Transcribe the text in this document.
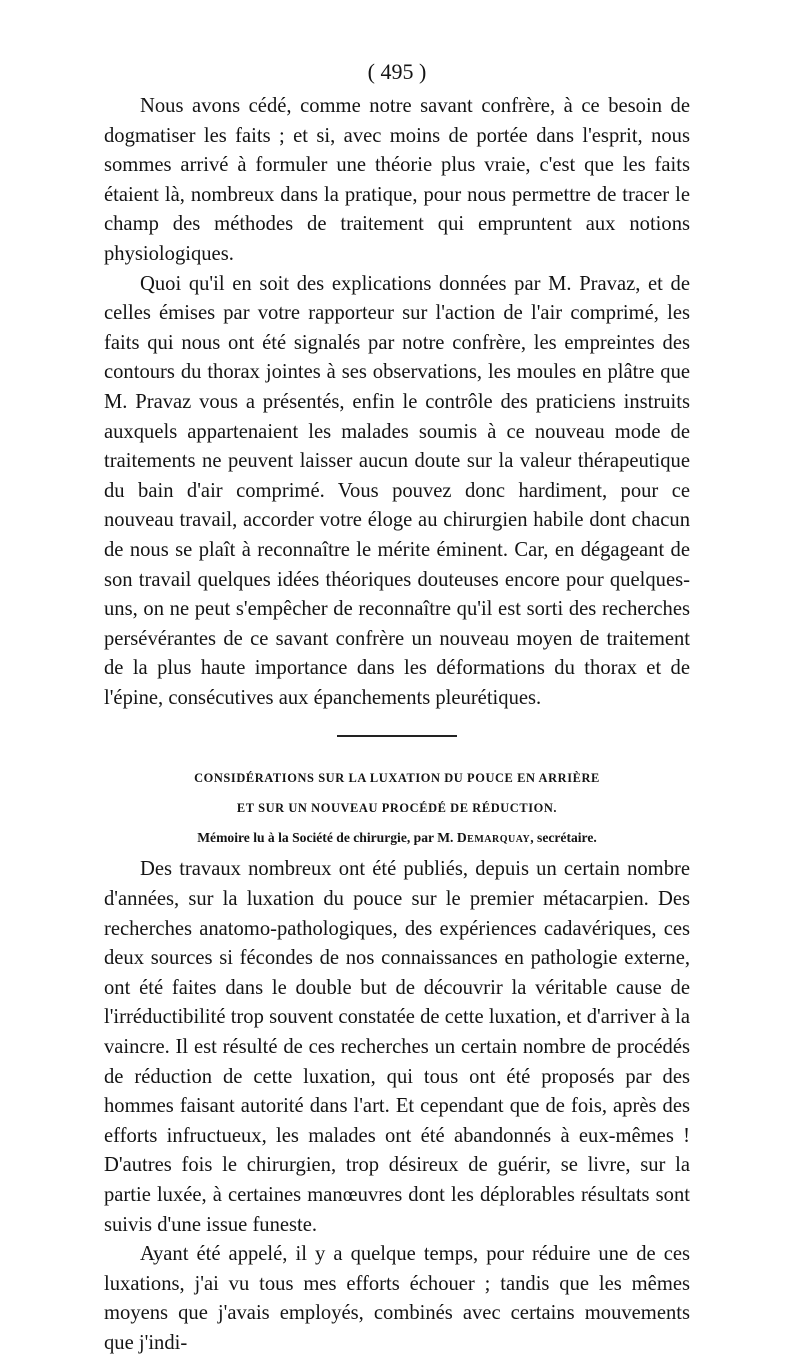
( 495 )

Nous avons cédé, comme notre savant confrère, à ce besoin de dogmatiser les faits ; et si, avec moins de portée dans l'esprit, nous sommes arrivé à formuler une théorie plus vraie, c'est que les faits étaient là, nombreux dans la pratique, pour nous permettre de tracer le champ des méthodes de traitement qui empruntent aux notions physiologiques.

Quoi qu'il en soit des explications données par M. Pravaz, et de celles émises par votre rapporteur sur l'action de l'air comprimé, les faits qui nous ont été signalés par notre confrère, les empreintes des contours du thorax jointes à ses observations, les moules en plâtre que M. Pravaz vous a présentés, enfin le contrôle des praticiens instruits auxquels appartenaient les malades soumis à ce nouveau mode de traitements ne peuvent laisser aucun doute sur la valeur thérapeutique du bain d'air comprimé. Vous pouvez donc hardiment, pour ce nouveau travail, accorder votre éloge au chirurgien habile dont chacun de nous se plaît à reconnaître le mérite éminent. Car, en dégageant de son travail quelques idées théoriques douteuses encore pour quelques-uns, on ne peut s'empêcher de reconnaître qu'il est sorti des recherches persévérantes de ce savant confrère un nouveau moyen de traitement de la plus haute importance dans les déformations du thorax et de l'épine, consécutives aux épanchements pleurétiques.

CONSIDÉRATIONS SUR LA LUXATION DU POUCE EN ARRIÈRE

ET SUR UN NOUVEAU PROCÉDÉ DE RÉDUCTION.

Mémoire lu à la Société de chirurgie, par M. Demarquay, secrétaire.

Des travaux nombreux ont été publiés, depuis un certain nombre d'années, sur la luxation du pouce sur le premier métacarpien. Des recherches anatomo-pathologiques, des expériences cadavériques, ces deux sources si fécondes de nos connaissances en pathologie externe, ont été faites dans le double but de découvrir la véritable cause de l'irréductibilité trop souvent constatée de cette luxation, et d'arriver à la vaincre. Il est résulté de ces recherches un certain nombre de procédés de réduction de cette luxation, qui tous ont été proposés par des hommes faisant autorité dans l'art. Et cependant que de fois, après des efforts infructueux, les malades ont été abandonnés à eux-mêmes ! D'autres fois le chirurgien, trop désireux de guérir, se livre, sur la partie luxée, à certaines manœuvres dont les déplorables résultats sont suivis d'une issue funeste.

Ayant été appelé, il y a quelque temps, pour réduire une de ces luxations, j'ai vu tous mes efforts échouer ; tandis que les mêmes moyens que j'avais employés, combinés avec certains mouvements que j'indi-
